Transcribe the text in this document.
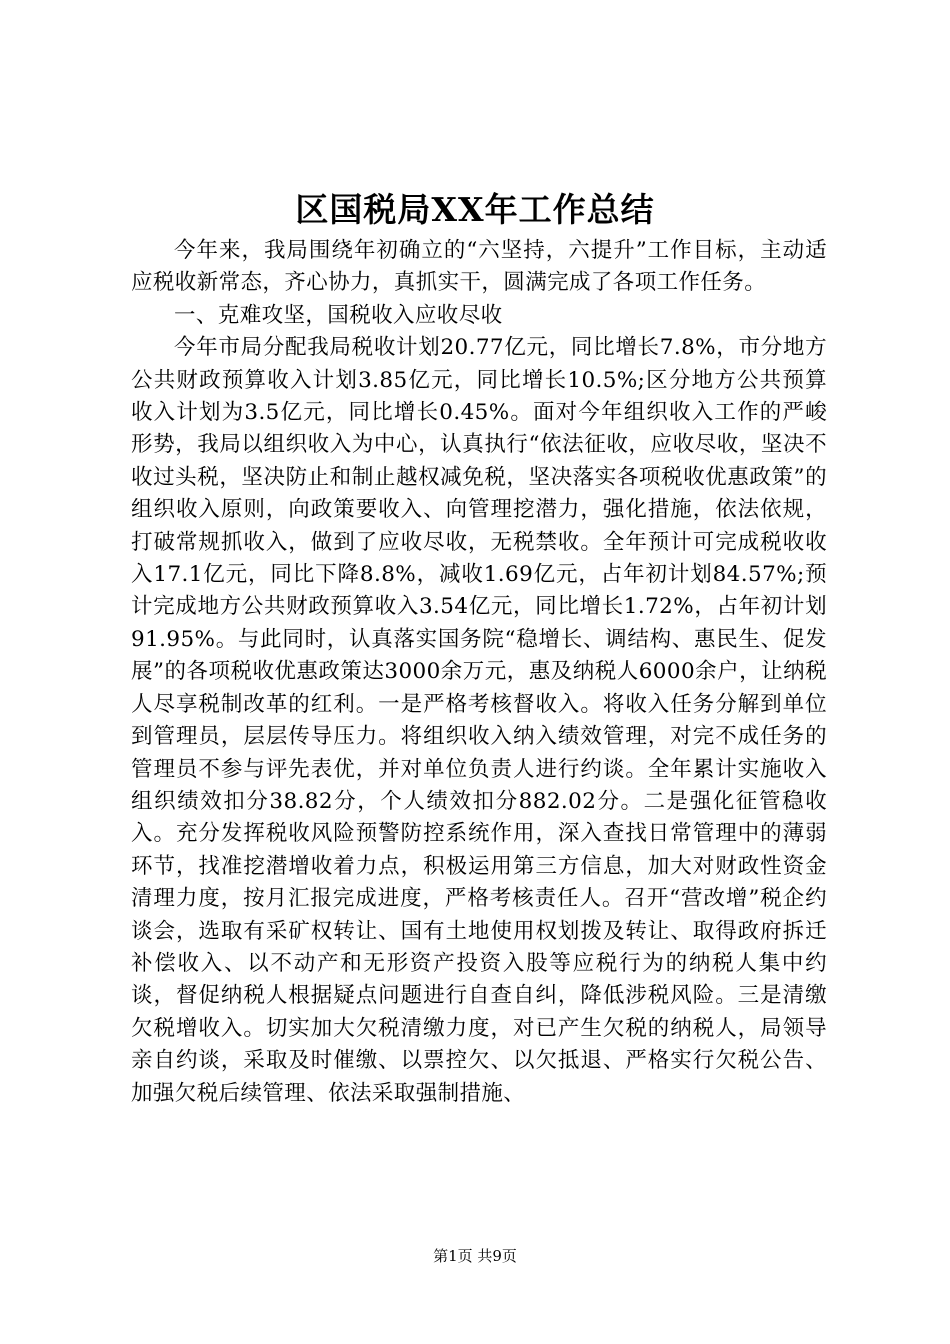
区国税局XX年工作总结

今年来，我局围绕年初确立的“六坚持，六提升”工作目标，主动适应税收新常态，齐心协力，真抓实干，圆满完成了各项工作任务。

一、克难攻坚，国税收入应收尽收

今年市局分配我局税收计划20.77亿元，同比增长7.8%，市分地方公共财政预算收入计划3.85亿元，同比增长10.5%;区分地方公共预算收入计划为3.5亿元，同比增长0.45%。面对今年组织收入工作的严峻形势，我局以组织收入为中心，认真执行“依法征收，应收尽收，坚决不收过头税，坚决防止和制止越权减免税，坚决落实各项税收优惠政策”的组织收入原则，向政策要收入、向管理挖潜力，强化措施，依法依规，打破常规抓收入，做到了应收尽收，无税禁收。全年预计可完成税收收入17.1亿元，同比下降8.8%，减收1.69亿元，占年初计划84.57%;预计完成地方公共财政预算收入3.54亿元，同比增长1.72%，占年初计划91.95%。与此同时，认真落实国务院“稳增长、调结构、惠民生、促发展”的各项税收优惠政策达3000余万元，惠及纳税人6000余户，让纳税人尽享税制改革的红利。一是严格考核督收入。将收入任务分解到单位到管理员，层层传导压力。将组织收入纳入绩效管理，对完不成任务的管理员不参与评先表优，并对单位负责人进行约谈。全年累计实施收入组织绩效扣分38.82分，个人绩效扣分882.02分。二是强化征管稳收入。充分发挥税收风险预警防控系统作用，深入查找日常管理中的薄弱环节，找准挖潜增收着力点，积极运用第三方信息，加大对财政性资金清理力度，按月汇报完成进度，严格考核责任人。召开“营改增”税企约谈会，选取有采矿权转让、国有土地使用权划拨及转让、取得政府拆迁补偿收入、以不动产和无形资产投资入股等应税行为的纳税人集中约谈，督促纳税人根据疑点问题进行自查自纠，降低涉税风险。三是清缴欠税增收入。切实加大欠税清缴力度，对已产生欠税的纳税人，局领导亲自约谈，采取及时催缴、以票控欠、以欠抵退、严格实行欠税公告、加强欠税后续管理、依法采取强制措施、

第1页 共9页
